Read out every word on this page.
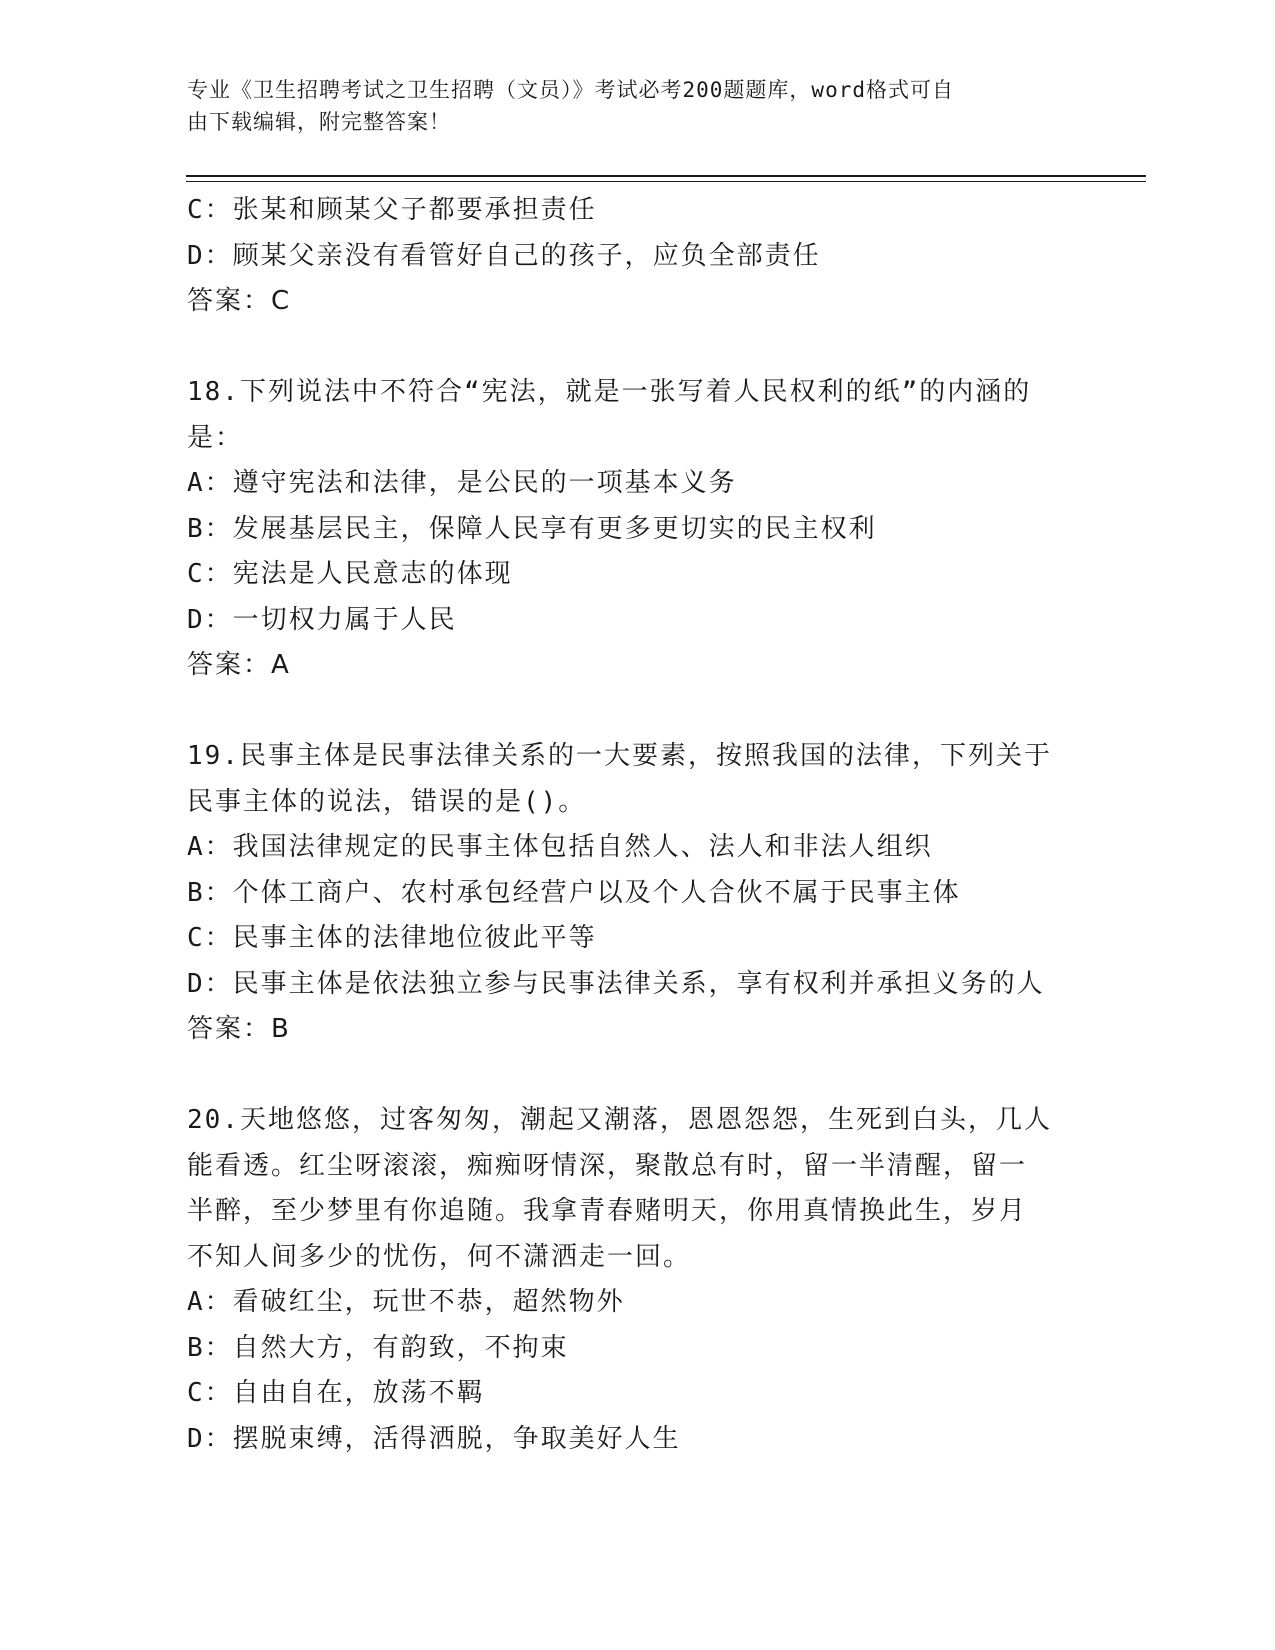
专业《卫生招聘考试之卫生招聘（文员）》考试必考200题题库，word格式可自
由下载编辑，附完整答案！

C：张某和顾某父子都要承担责任

D：顾某父亲没有看管好自己的孩子，应负全部责任

答案：C

18.下列说法中不符合“宪法，就是一张写着人民权利的纸”的内涵的

是：

A：遵守宪法和法律，是公民的一项基本义务

B：发展基层民主，保障人民享有更多更切实的民主权利

C：宪法是人民意志的体现

D：一切权力属于人民

答案：A

19.民事主体是民事法律关系的一大要素，按照我国的法律，下列关于

民事主体的说法，错误的是()。

A：我国法律规定的民事主体包括自然人、法人和非法人组织

B：个体工商户、农村承包经营户以及个人合伙不属于民事主体

C：民事主体的法律地位彼此平等

D：民事主体是依法独立参与民事法律关系，享有权利并承担义务的人

答案：B

20.天地悠悠，过客匆匆，潮起又潮落，恩恩怨怨，生死到白头，几人

能看透。红尘呀滚滚，痴痴呀情深，聚散总有时，留一半清醒，留一

半醉，至少梦里有你追随。我拿青春赌明天，你用真情换此生，岁月

不知人间多少的忧伤，何不潇洒走一回。

A：看破红尘，玩世不恭，超然物外

B：自然大方，有韵致，不拘束

C：自由自在，放荡不羁

D：摆脱束缚，活得洒脱，争取美好人生
